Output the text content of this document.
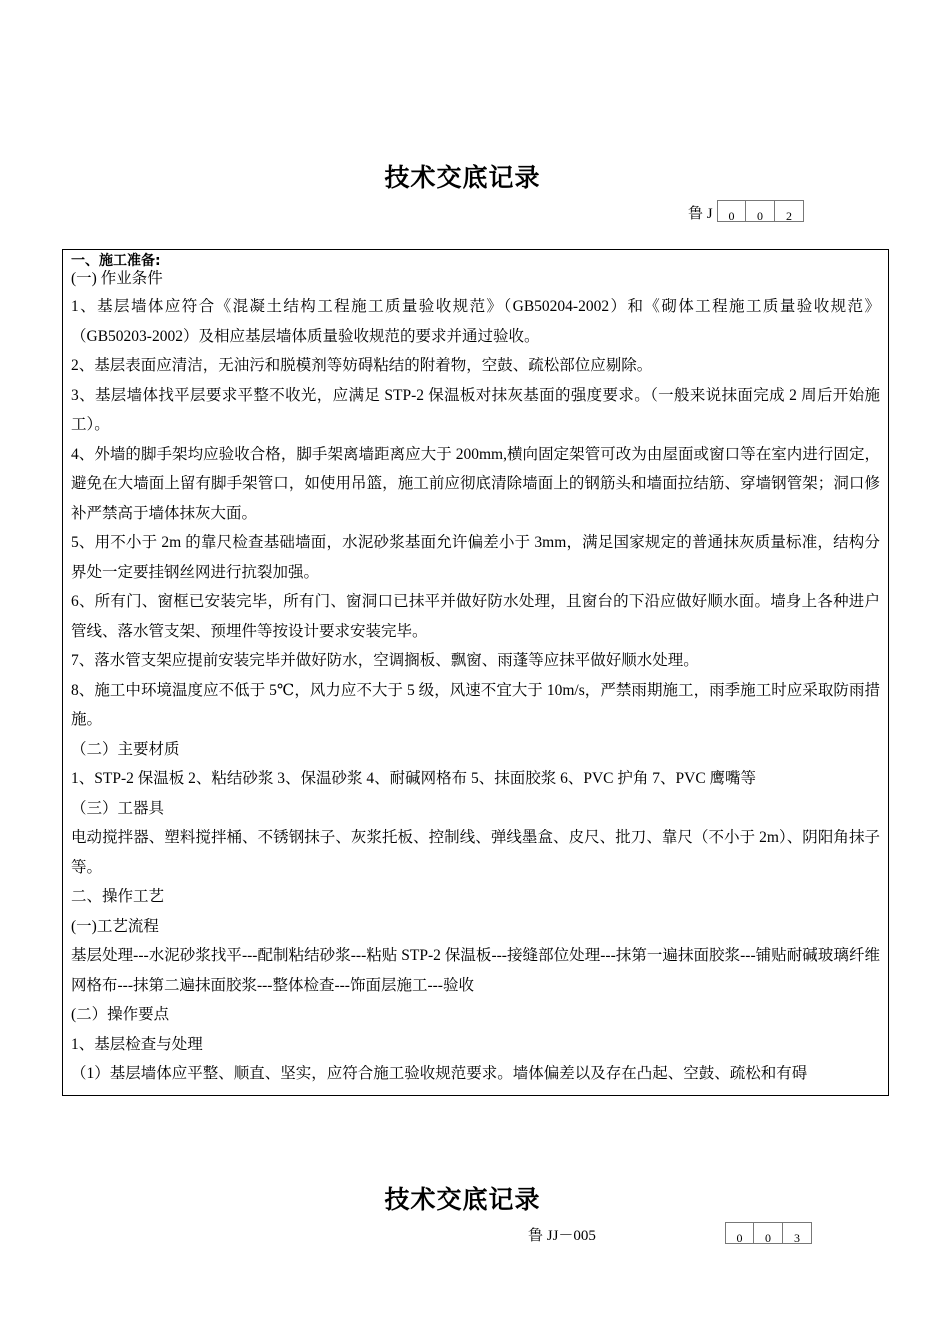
技术交底记录
鲁 J	0	0	2

一、施工准备:

(一) 作业条件

1、基层墙体应符合《混凝土结构工程施工质量验收规范》（GB50204-2002）和《砌体工程施工质量验收规范》（GB50203-2002）及相应基层墙体质量验收规范的要求并通过验收。

2、基层表面应清洁，无油污和脱模剂等妨碍粘结的附着物，空鼓、疏松部位应剔除。

3、基层墙体找平层要求平整不收光，应满足 STP-2 保温板对抹灰基面的强度要求。（一般来说抹面完成 2 周后开始施工）。

4、外墙的脚手架均应验收合格，脚手架离墙距离应大于 200mm,横向固定架管可改为由屋面或窗口等在室内进行固定，避免在大墙面上留有脚手架管口，如使用吊篮，施工前应彻底清除墙面上的钢筋头和墙面拉结筋、穿墙钢管架；洞口修补严禁高于墙体抹灰大面。

5、用不小于 2m 的靠尺检查基础墙面，水泥砂浆基面允许偏差小于 3mm，满足国家规定的普通抹灰质量标准，结构分界处一定要挂钢丝网进行抗裂加强。

6、所有门、窗框已安装完毕，所有门、窗洞口已抹平并做好防水处理，且窗台的下沿应做好顺水面。墙身上各种进户管线、落水管支架、预埋件等按设计要求安装完毕。

7、落水管支架应提前安装完毕并做好防水，空调搁板、飘窗、雨蓬等应抹平做好顺水处理。

8、施工中环境温度应不低于 5℃，风力应不大于 5 级，风速不宜大于 10m/s，严禁雨期施工，雨季施工时应采取防雨措施。

（二）主要材质

1、STP-2 保温板 2、粘结砂浆 3、保温砂浆 4、耐碱网格布 5、抹面胶浆 6、PVC 护角 7、PVC 鹰嘴等

（三）工器具

电动搅拌器、塑料搅拌桶、不锈钢抹子、灰浆托板、控制线、弹线墨盒、皮尺、批刀、靠尺（不小于 2m）、阴阳角抹子等。

二、操作工艺

(一)工艺流程

基层处理---水泥砂浆找平---配制粘结砂浆---粘贴 STP-2 保温板---接缝部位处理---抹第一遍抹面胶浆---铺贴耐碱玻璃纤维网格布---抹第二遍抹面胶浆---整体检查---饰面层施工---验收

(二）操作要点

1、基层检查与处理

（1）基层墙体应平整、顺直、坚实，应符合施工验收规范要求。墙体偏差以及存在凸起、空鼓、疏松和有碍

技术交底记录
鲁 JJ－005	0	0	3
